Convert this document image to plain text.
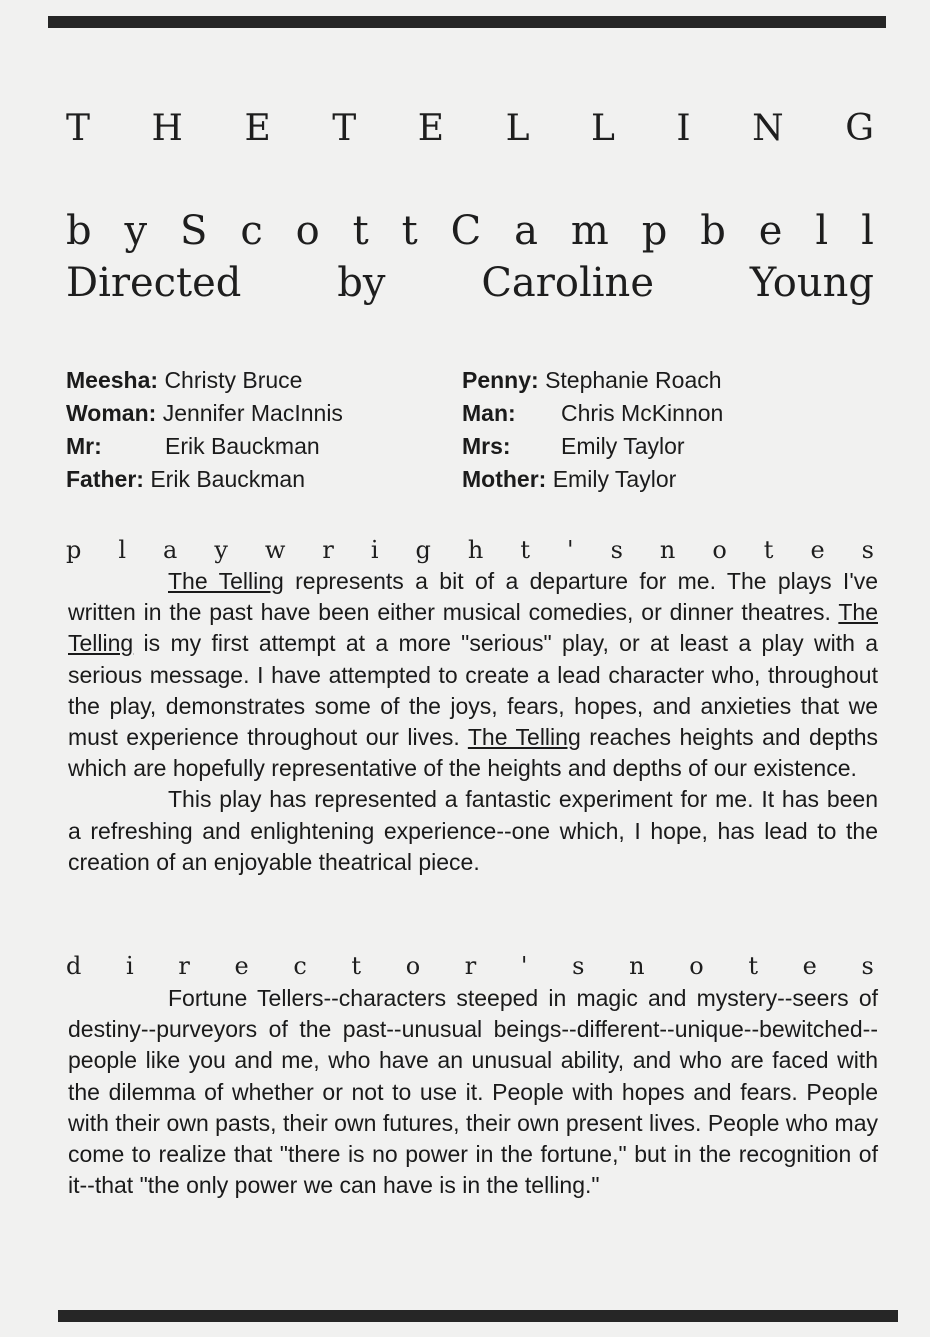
T H E T E L L I N G
b y S c o t t C a m p b e l l
Directed by Caroline Young
Meesha: Christy Bruce
Woman: Jennifer MacInnis
Mr:	Erik Bauckman
Father: Erik Bauckman
Penny: Stephanie Roach
Man: Chris McKinnon
Mrs: Emily Taylor
Mother: Emily Taylor
p l a y w r i g h t ' s n o t e s

The Telling represents a bit of a departure for me. The plays I've written in the past have been either musical comedies, or dinner theatres. The Telling is my first attempt at a more "serious" play, or at least a play with a serious message. I have attempted to create a lead character who, throughout the play, demonstrates some of the joys, fears, hopes, and anxieties that we must experience throughout our lives. The Telling reaches heights and depths which are hopefully representative of the heights and depths of our existence.

This play has represented a fantastic experiment for me. It has been a refreshing and enlightening experience--one which, I hope, has lead to the creation of an enjoyable theatrical piece.

d i r e c t o r ' s n o t e s

Fortune Tellers--characters steeped in magic and mystery--seers of destiny--purveyors of the past--unusual beings--different--unique--bewitched--people like you and me, who have an unusual ability, and who are faced with the dilemma of whether or not to use it. People with hopes and fears. People with their own pasts, their own futures, their own present lives. People who may come to realize that "there is no power in the fortune," but in the recognition of it--that "the only power we can have is in the telling."
